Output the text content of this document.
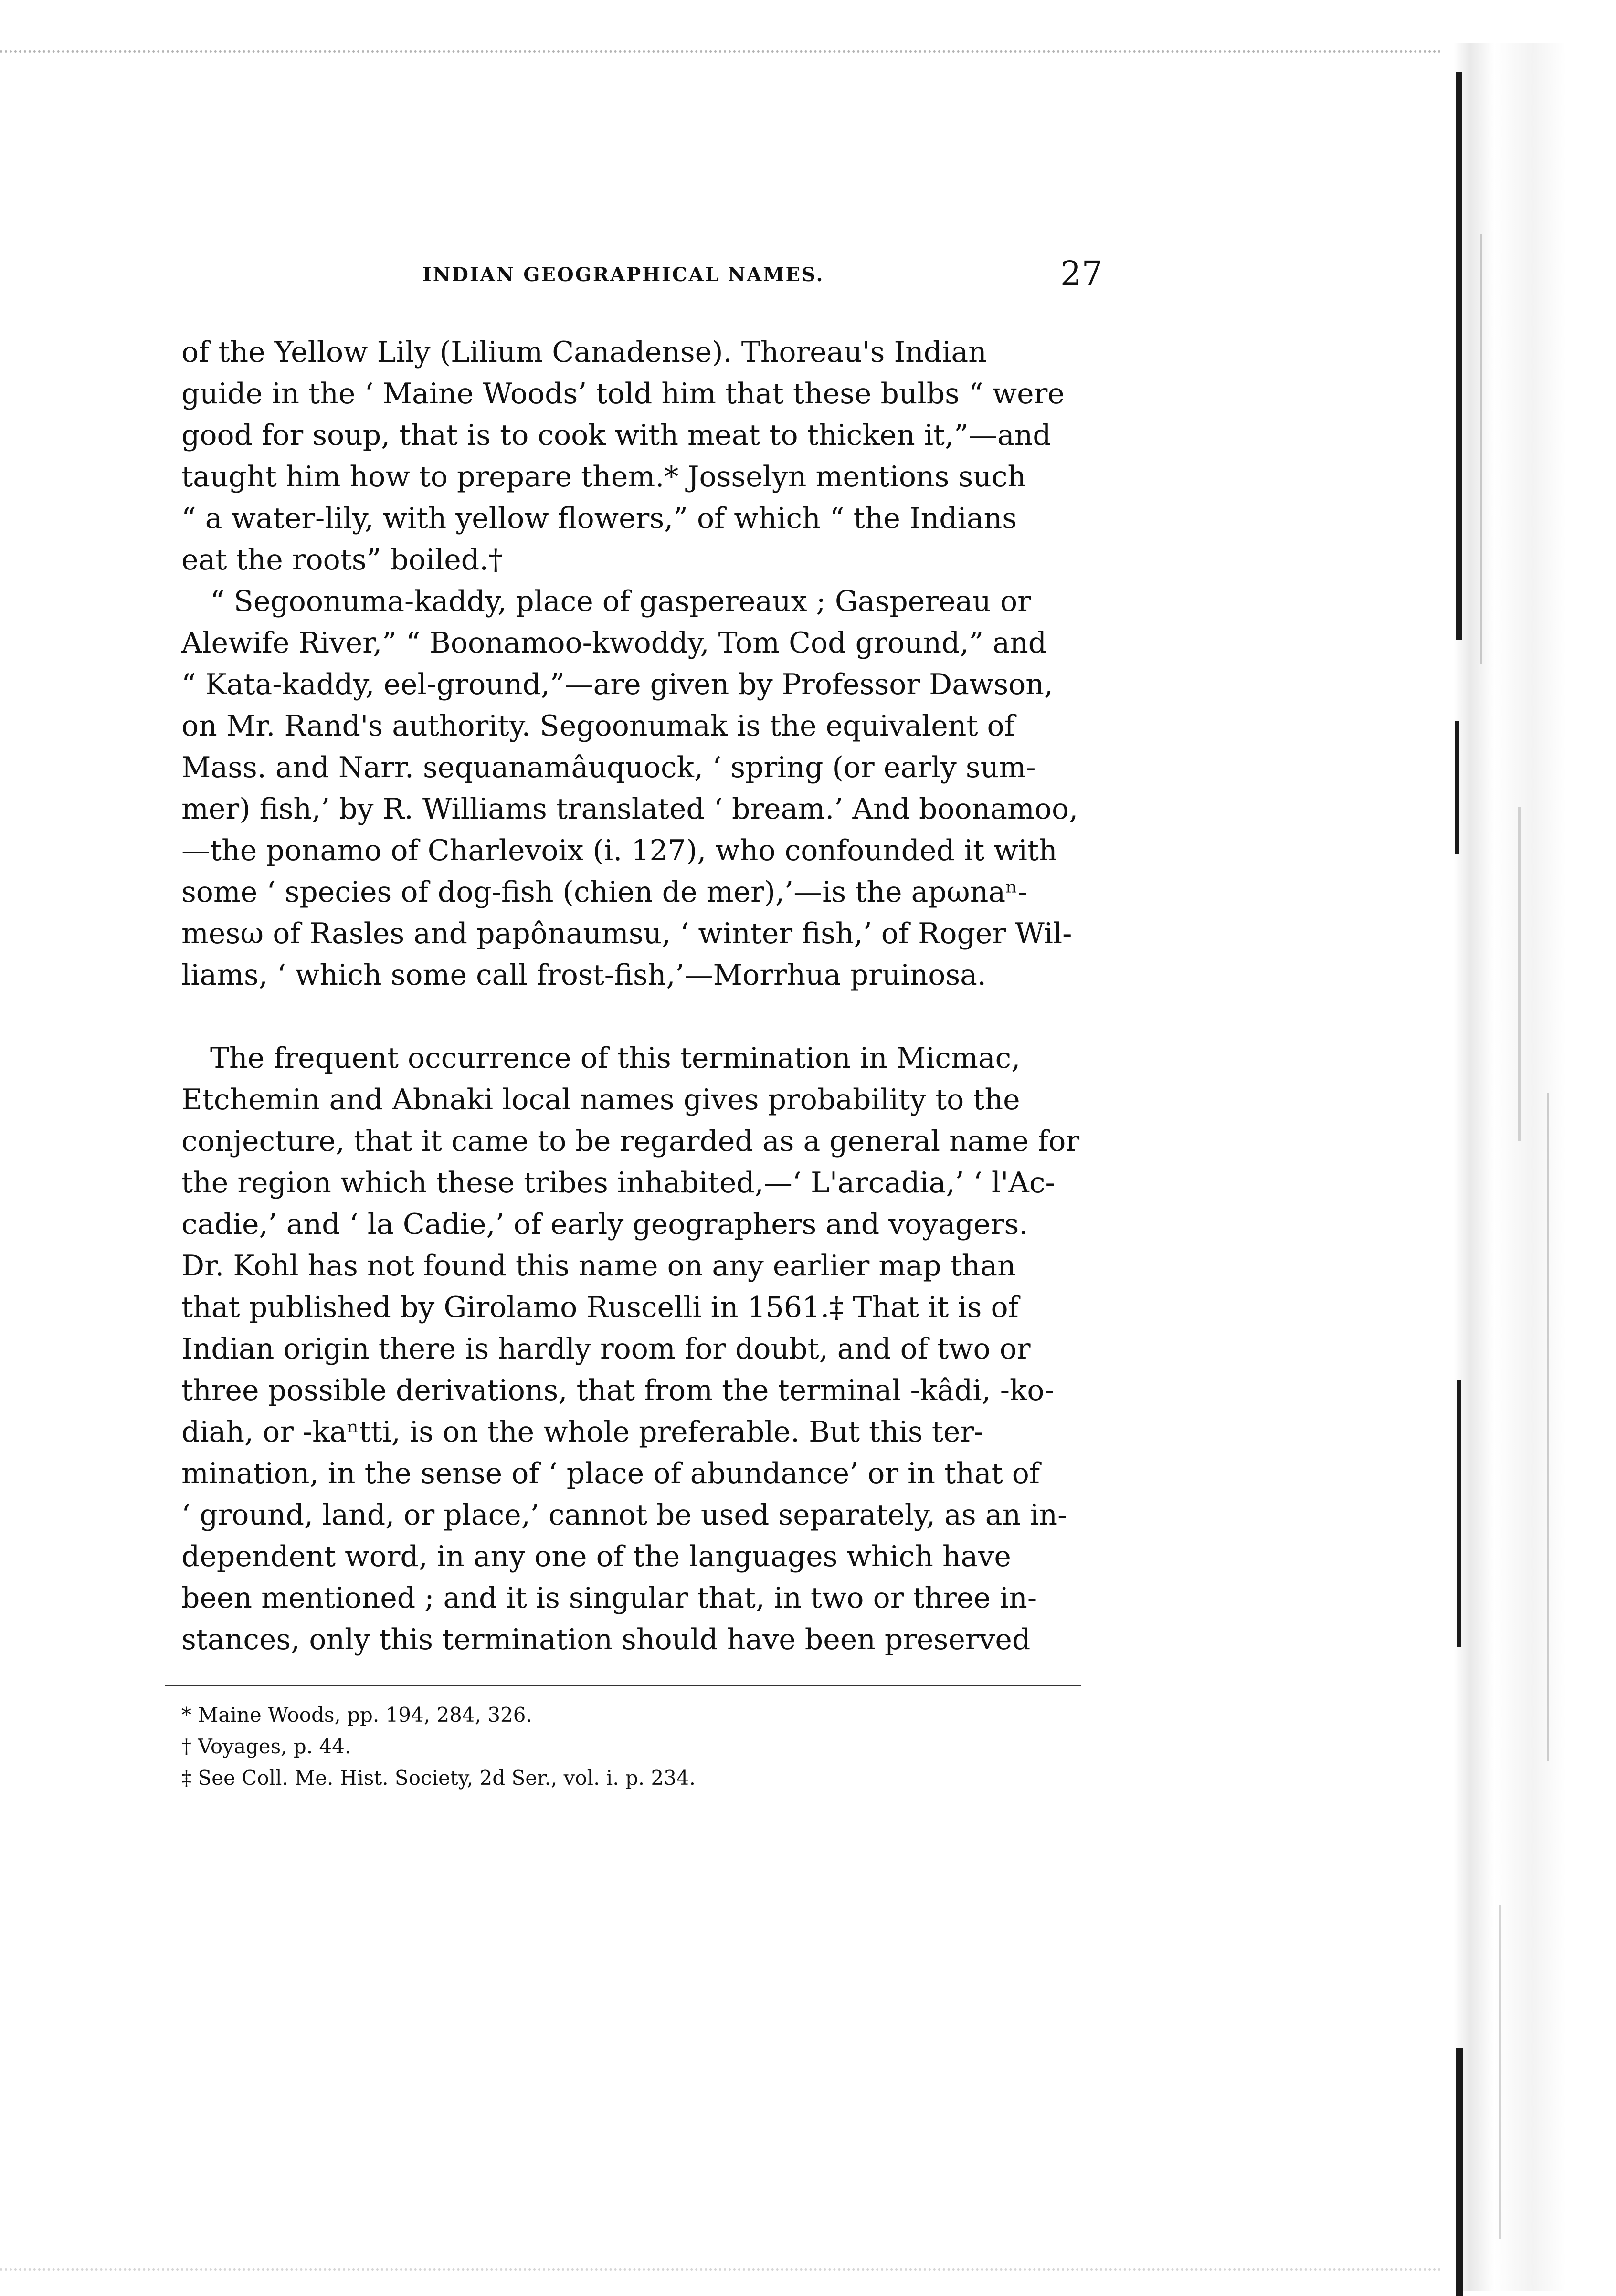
INDIAN GEOGRAPHICAL NAMES.	27

of the Yellow Lily (Lilium Canadense). Thoreau's Indian
guide in the ‘ Maine Woods’ told him that these bulbs “ were
good for soup, that is to cook with meat to thicken it,”—and
taught him how to prepare them.* Josselyn mentions such
“ a water-lily, with yellow flowers,” of which “ the Indians
eat the roots” boiled.†

“ Segoonuma-kaddy, place of gaspereaux ; Gaspereau or
Alewife River,” “ Boonamoo-kwoddy, Tom Cod ground,” and
“ Kata-kaddy, eel-ground,”—are given by Professor Dawson,
on Mr. Rand's authority. Segoonumak is the equivalent of
Mass. and Narr. sequanamâuquock, ‘ spring (or early sum-
mer) fish,’ by R. Williams translated ‘ bream.’ And boonamoo,
—the ponamo of Charlevoix (i. 127), who confounded it with
some ‘ species of dog-fish (chien de mer),’—is the apωnaⁿ-
mesω of Rasles and papônaumsu, ‘ winter fish,’ of Roger Wil-
liams, ‘ which some call frost-fish,’—Morrhua pruinosa.

The frequent occurrence of this termination in Micmac,
Etchemin and Abnaki local names gives probability to the
conjecture, that it came to be regarded as a general name for
the region which these tribes inhabited,—‘ L'arcadia,’ ‘ l'Ac-
cadie,’ and ‘ la Cadie,’ of early geographers and voyagers.
Dr. Kohl has not found this name on any earlier map than
that published by Girolamo Ruscelli in 1561.‡ That it is of
Indian origin there is hardly room for doubt, and of two or
three possible derivations, that from the terminal -kâdi, -ko-
diah, or -kaⁿtti, is on the whole preferable. But this ter-
mination, in the sense of ‘ place of abundance’ or in that of
‘ ground, land, or place,’ cannot be used separately, as an in-
dependent word, in any one of the languages which have
been mentioned ; and it is singular that, in two or three in-
stances, only this termination should have been preserved

* Maine Woods, pp. 194, 284, 326.
† Voyages, p. 44.
‡ See Coll. Me. Hist. Society, 2d Ser., vol. i. p. 234.
